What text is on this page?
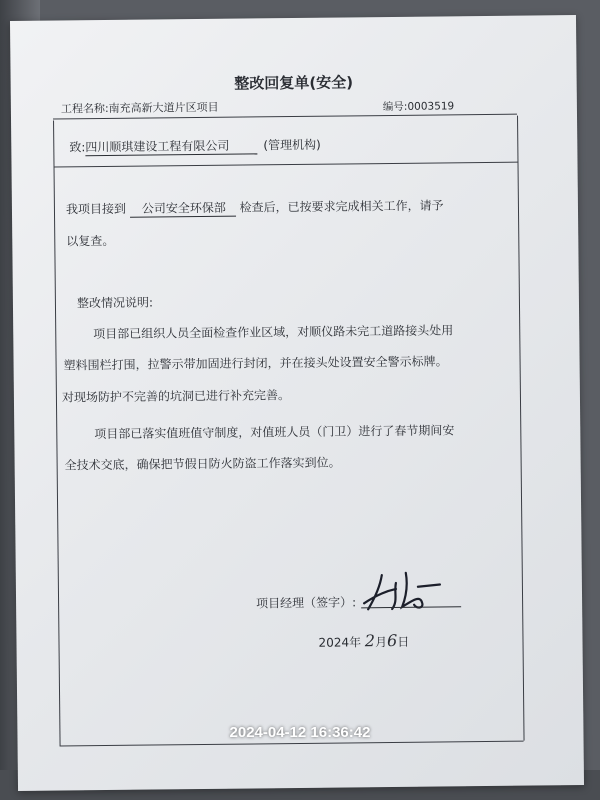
整改回复单(安全)
工程名称:南充高新大道片区项目	编号:0003519
致:四川顺琪建设工程有限公司	(管理机构)
我项目接到 公司安全环保部 检查后，已按要求完成相关工作，请予
以复查。
整改情况说明:
项目部已组织人员全面检查作业区域，对顺仪路未完工道路接头处用
塑料围栏打围，拉警示带加固进行封闭，并在接头处设置安全警示标牌。
对现场防护不完善的坑洞已进行补充完善。
项目部已落实值班值守制度，对值班人员（门卫）进行了春节期间安
全技术交底，确保把节假日防火防盗工作落实到位。
项目经理（签字）:
2024年 2月6日
2024-04-12 16:36:42
